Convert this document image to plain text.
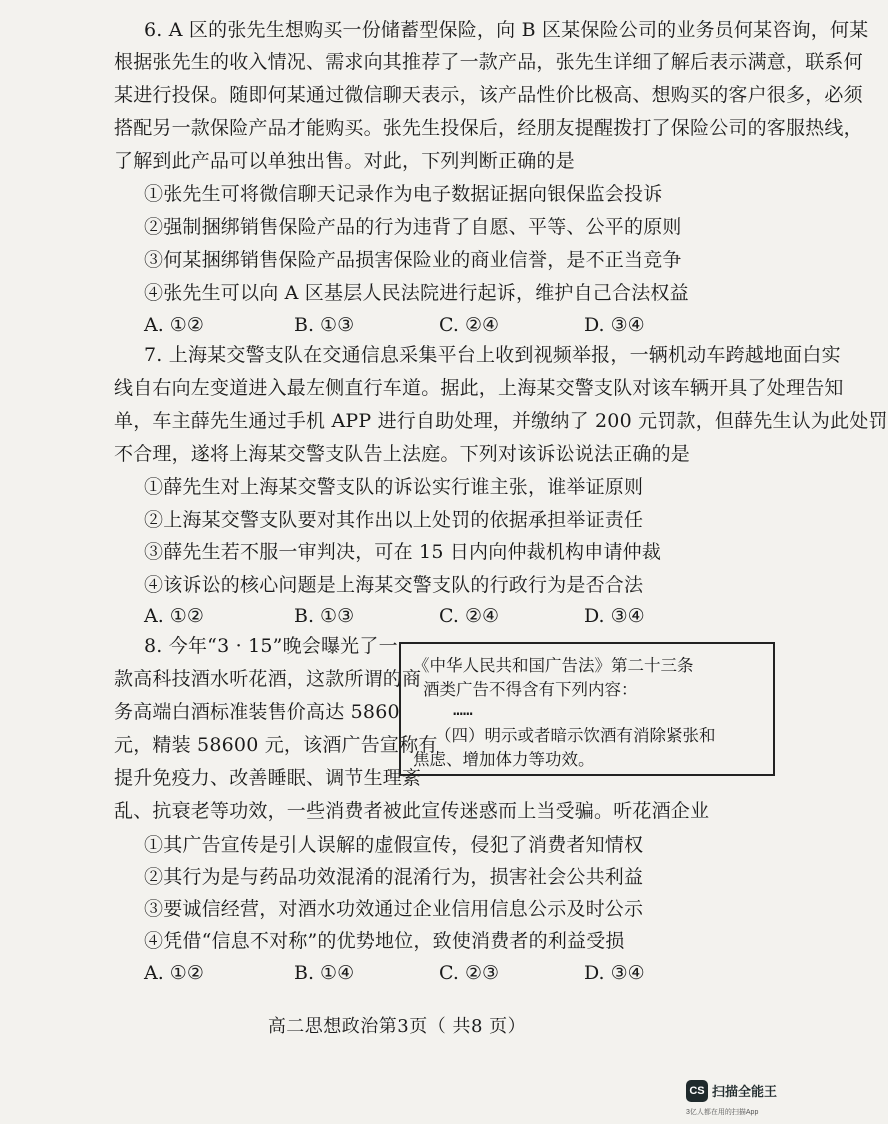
6. A 区的张先生想购买一份储蓄型保险，向 B 区某保险公司的业务员何某咨询，何某
根据张先生的收入情况、需求向其推荐了一款产品，张先生详细了解后表示满意，联系何
某进行投保。随即何某通过微信聊天表示，该产品性价比极高、想购买的客户很多，必须
搭配另一款保险产品才能购买。张先生投保后，经朋友提醒拨打了保险公司的客服热线，
了解到此产品可以单独出售。对此，下列判断正确的是
①张先生可将微信聊天记录作为电子数据证据向银保监会投诉
②强制捆绑销售保险产品的行为违背了自愿、平等、公平的原则
③何某捆绑销售保险产品损害保险业的商业信誉，是不正当竞争
④张先生可以向 A 区基层人民法院进行起诉，维护自己合法权益
A. ①②	B. ①③	C. ②④	D. ③④
7. 上海某交警支队在交通信息采集平台上收到视频举报，一辆机动车跨越地面白实
线自右向左变道进入最左侧直行车道。据此，上海某交警支队对该车辆开具了处理告知
单，车主薛先生通过手机 APP 进行自助处理，并缴纳了 200 元罚款，但薛先生认为此处罚
不合理，遂将上海某交警支队告上法庭。下列对该诉讼说法正确的是
①薛先生对上海某交警支队的诉讼实行谁主张，谁举证原则
②上海某交警支队要对其作出以上处罚的依据承担举证责任
③薛先生若不服一审判决，可在 15 日内向仲裁机构申请仲裁
④该诉讼的核心问题是上海某交警支队的行政行为是否合法
A. ①②	B. ①③	C. ②④	D. ③④
8. 今年“3 · 15”晚会曝光了一
款高科技酒水听花酒，这款所谓的商
务高端白酒标准装售价高达 5860
元，精装 58600 元，该酒广告宣称有
提升免疫力、改善睡眠、调节生理紊
乱、抗衰老等功效，一些消费者被此宣传迷惑而上当受骗。听花酒企业
《中华人民共和国广告法》第二十三条
酒类广告不得含有下列内容：
……
（四）明示或者暗示饮酒有消除紧张和
焦虑、增加体力等功效。
①其广告宣传是引人误解的虚假宣传，侵犯了消费者知情权
②其行为是与药品功效混淆的混淆行为，损害社会公共利益
③要诚信经营，对酒水功效通过企业信用信息公示及时公示
④凭借“信息不对称”的优势地位，致使消费者的利益受损
A. ①②	B. ①④	C. ②③	D. ③④
高二思想政治第3页（ 共8 页）
CS 扫描全能王
3亿人都在用的扫描App
